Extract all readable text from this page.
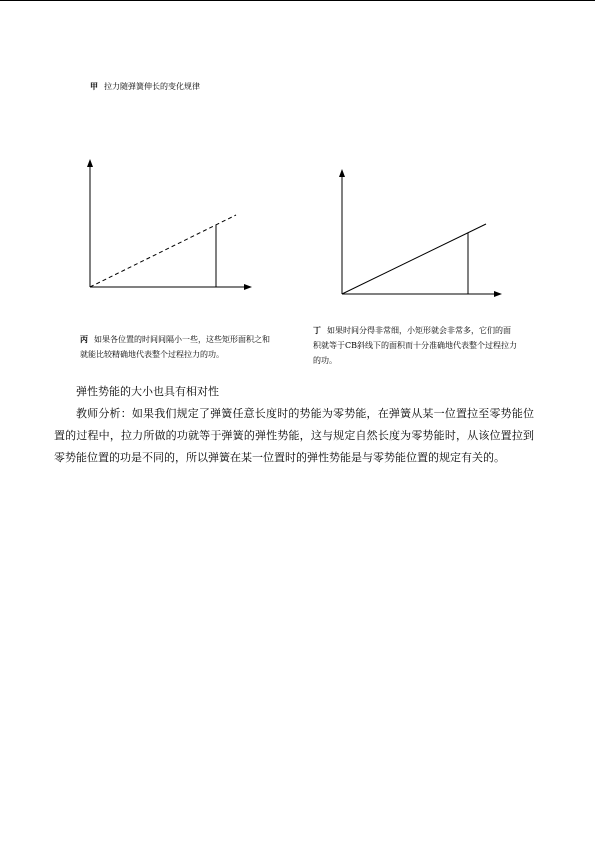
甲 拉力随弹簧伸长的变化规律
丙 如果各位置的时间间隔小一些，这些矩形面积之和就能比较精确地代表整个过程拉力的功。
丁 如果时间分得非常细，小矩形就会非常多，它们的面积就等于CB斜线下的面积而十分准确地代表整个过程拉力的功。
弹性势能的大小也具有相对性

教师分析：如果我们规定了弹簧任意长度时的势能为零势能，在弹簧从某一位置拉至零势能位置的过程中，拉力所做的功就等于弹簧的弹性势能，这与规定自然长度为零势能时，从该位置拉到零势能位置的功是不同的，所以弹簧在某一位置时的弹性势能是与零势能位置的规定有关的。
